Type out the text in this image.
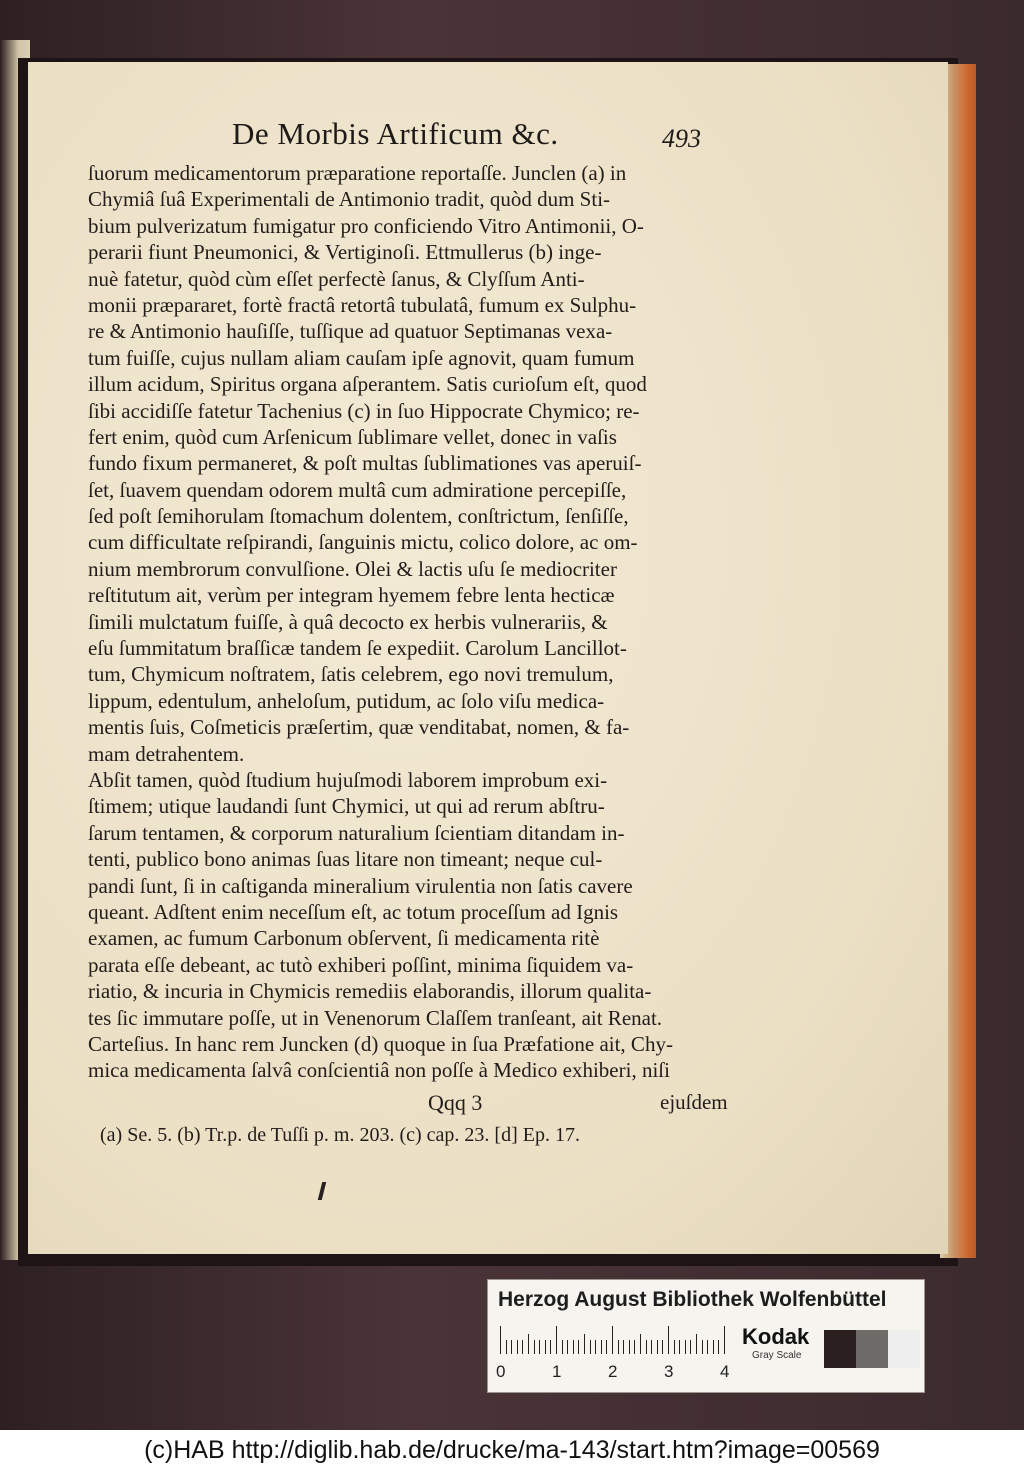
De Morbis Artificum &c.	493
ſuorum medicamentorum præparatione reportaſſe. Junclen (a) in
Chymiâ ſuâ Experimentali de Antimonio tradit, quòd dum Sti-
bium pulverizatum fumigatur pro conficiendo Vitro Antimonii, O-
perarii fiunt Pneumonici, & Vertiginoſi. Ettmullerus (b) inge-
nuè fatetur, quòd cùm eſſet perfectè ſanus, & Clyſſum Anti-
monii præpararet, fortè fractâ retortâ tubulatâ, fumum ex Sulphu-
re & Antimonio hauſiſſe, tuſſique ad quatuor Septimanas vexa-
tum fuiſſe, cujus nullam aliam cauſam ipſe agnovit, quam fumum
illum acidum, Spiritus organa aſperantem. Satis curioſum eſt, quod
ſibi accidiſſe fatetur Tachenius (c) in ſuo Hippocrate Chymico; re-
fert enim, quòd cum Arſenicum ſublimare vellet, donec in vaſis
fundo fixum permaneret, & poſt multas ſublimationes vas aperuiſ-
ſet, ſuavem quendam odorem multâ cum admiratione percepiſſe,
ſed poſt ſemihorulam ſtomachum dolentem, conſtrictum, ſenſiſſe,
cum difficultate reſpirandi, ſanguinis mictu, colico dolore, ac om-
nium membrorum convulſione. Olei & lactis uſu ſe mediocriter
reſtitutum ait, verùm per integram hyemem febre lenta hecticæ
ſimili mulctatum fuiſſe, à quâ decocto ex herbis vulnerariis, &
eſu ſummitatum braſſicæ tandem ſe expediit. Carolum Lancillot-
tum, Chymicum noſtratem, ſatis celebrem, ego novi tremulum,
lippum, edentulum, anheloſum, putidum, ac ſolo viſu medica-
mentis ſuis, Coſmeticis præſertim, quæ venditabat, nomen, & fa-
mam detrahentem.
Abſit tamen, quòd ſtudium hujuſmodi laborem improbum exi-
ſtimem; utique laudandi ſunt Chymici, ut qui ad rerum abſtru-
ſarum tentamen, & corporum naturalium ſcientiam ditandam in-
tenti, publico bono animas ſuas litare non timeant; neque cul-
pandi ſunt, ſi in caſtiganda mineralium virulentia non ſatis cavere
queant. Adſtent enim neceſſum eſt, ac totum proceſſum ad Ignis
examen, ac fumum Carbonum obſervent, ſi medicamenta ritè
parata eſſe debeant, ac tutò exhiberi poſſint, minima ſiquidem va-
riatio, & incuria in Chymicis remediis elaborandis, illorum qualita-
tes ſic immutare poſſe, ut in Venenorum Claſſem tranſeant, ait Renat.
Carteſius. In hanc rem Juncken (d) quoque in ſua Præfatione ait, Chy-
mica medicamenta ſalvâ conſcientiâ non poſſe à Medico exhiberi, niſi
Qqq 3	ejuſdem
(a) Se. 5. (b) Tr.p. de Tuſſi p. m. 203. (c) cap. 23. [d] Ep. 17.
Herzog August Bibliothek Wolfenbüttel
0	1	2	3	4
Kodak
Gray Scale
(c)HAB http://diglib.hab.de/drucke/ma-143/start.htm?image=00569
